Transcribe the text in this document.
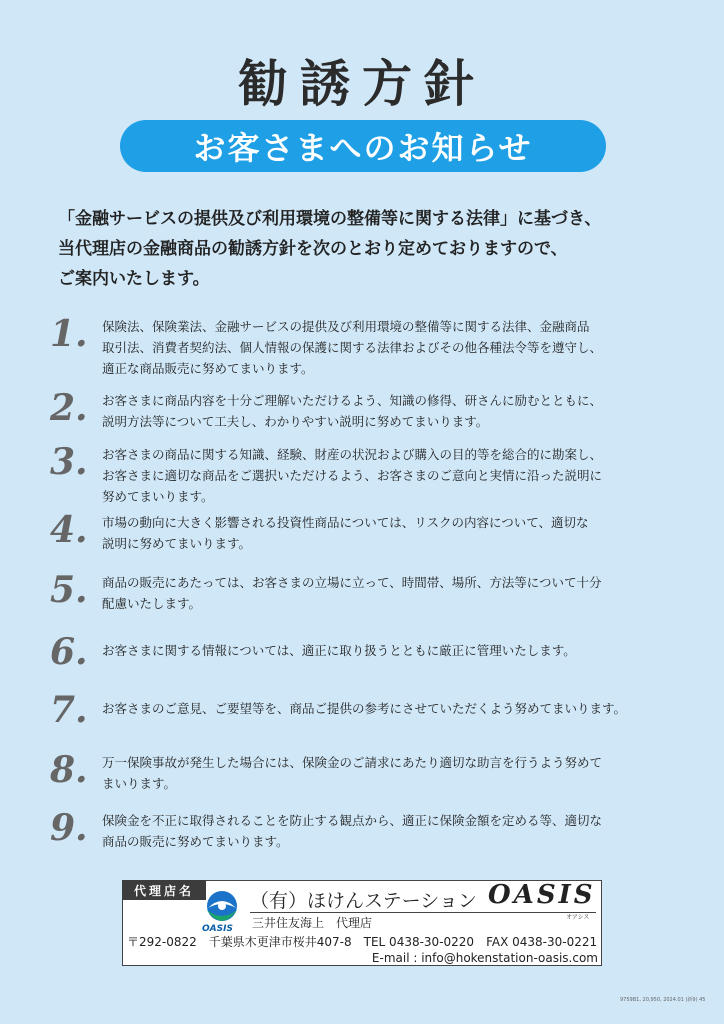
勧誘方針
お客さまへのお知らせ
「金融サービスの提供及び利用環境の整備等に関する法律」に基づき、
当代理店の金融商品の勧誘方針を次のとおり定めておりますので、
ご案内いたします。
1.	保険法、保険業法、金融サービスの提供及び利用環境の整備等に関する法律、金融商品
取引法、消費者契約法、個人情報の保護に関する法律およびその他各種法令等を遵守し、
適正な商品販売に努めてまいります。
2.	お客さまに商品内容を十分ご理解いただけるよう、知識の修得、研さんに励むとともに、
説明方法等について工夫し、わかりやすい説明に努めてまいります。
3.	お客さまの商品に関する知識、経験、財産の状況および購入の目的等を総合的に勘案し、
お客さまに適切な商品をご選択いただけるよう、お客さまのご意向と実情に沿った説明に
努めてまいります。
4.	市場の動向に大きく影響される投資性商品については、リスクの内容について、適切な
説明に努めてまいります。
5.	商品の販売にあたっては、お客さまの立場に立って、時間帯、場所、方法等について十分
配慮いたします。
6.	お客さまに関する情報については、適正に取り扱うとともに厳正に管理いたします。
7.	お客さまのご意見、ご要望等を、商品ご提供の参考にさせていただくよう努めてまいります。
8.	万一保険事故が発生した場合には、保険金のご請求にあたり適切な助言を行うよう努めて
まいります。
9.	保険金を不正に取得されることを防止する観点から、適正に保険金額を定める等、適切な
商品の販売に努めてまいります。
代理店名
OASIS
（有）ほけんステーション OASIS
オアシス
三井住友海上　代理店
〒292-0822　千葉県木更津市桜井407-8　TEL 0438-30-0220　FAX 0438-30-0221
E-mail : info@hokenstation-oasis.com
9759B1, 20,950, 2024.01 (新9) 45
